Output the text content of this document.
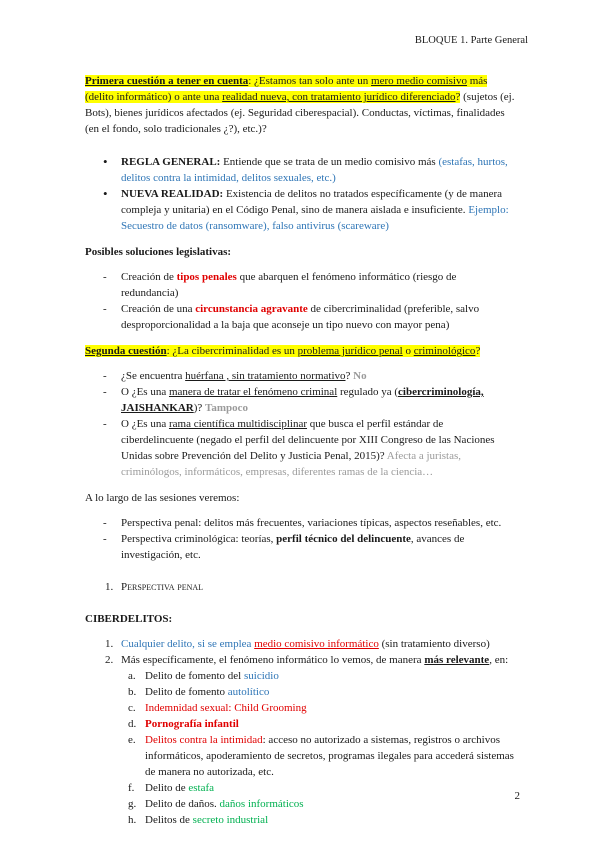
BLOQUE 1. Parte General

Primera cuestión a tener en cuenta: ¿Estamos tan solo ante un mero medio comisivo más (delito informático) o ante una realidad nueva, con tratamiento jurídico diferenciado? (sujetos (ej. Bots), bienes jurídicos afectados (ej. Seguridad ciberespacial). Conductas, víctimas, finalidades (en el fondo, solo tradicionales ¿?), etc.)?

• REGLA GENERAL: Entiende que se trata de un medio comisivo más (estafas, hurtos, delitos contra la intimidad, delitos sexuales, etc.)

• NUEVA REALIDAD: Existencia de delitos no tratados específicamente (y de manera compleja y unitaria) en el Código Penal, sino de manera aislada e insuficiente. Ejemplo: Secuestro de datos (ransomware), falso antivirus (scareware)

Posibles soluciones legislativas:

- Creación de tipos penales que abarquen el fenómeno informático (riesgo de redundancia)

- Creación de una circunstancia agravante de cibercriminalidad (preferible, salvo desproporcionalidad a la baja que aconseje un tipo nuevo con mayor pena)

Segunda cuestión: ¿La cibercriminalidad es un problema jurídico penal o criminológico?

- ¿Se encuentra huérfana , sin tratamiento normativo? No

- O ¿Es una manera de tratar el fenómeno criminal regulado ya (cibercriminología, JAISHANKAR)? Tampoco

- O ¿Es una rama científica multidisciplinar que busca el perfil estándar de ciberdelincuente (negado el perfil del delincuente por XIII Congreso de las Naciones Unidas sobre Prevención del Delito y Justicia Penal, 2015)? Afecta a juristas, criminólogos, informáticos, empresas, diferentes ramas de la ciencia…

A lo largo de las sesiones veremos:

- Perspectiva penal: delitos más frecuentes, variaciones típicas, aspectos reseñables, etc.

- Perspectiva criminológica: teorías, perfil técnico del delincuente, avances de investigación, etc.

1. Perspectiva penal

CIBERDELITOS:

1. Cualquier delito, si se emplea medio comisivo informático (sin tratamiento diverso)

2. Más específicamente, el fenómeno informático lo vemos, de manera más relevante, en:

a. Delito de fomento del suicidio

b. Delito de fomento autolítico

c. Indemnidad sexual: Child Grooming

d. Pornografía infantil

e. Delitos contra la intimidad: acceso no autorizado a sistemas, registros o archivos informáticos, apoderamiento de secretos, programas ilegales para accederá sistemas de manera no autorizada, etc.

f. Delito de estafa

g. Delito de daños. daños informáticos

h. Delitos de secreto industrial

2
